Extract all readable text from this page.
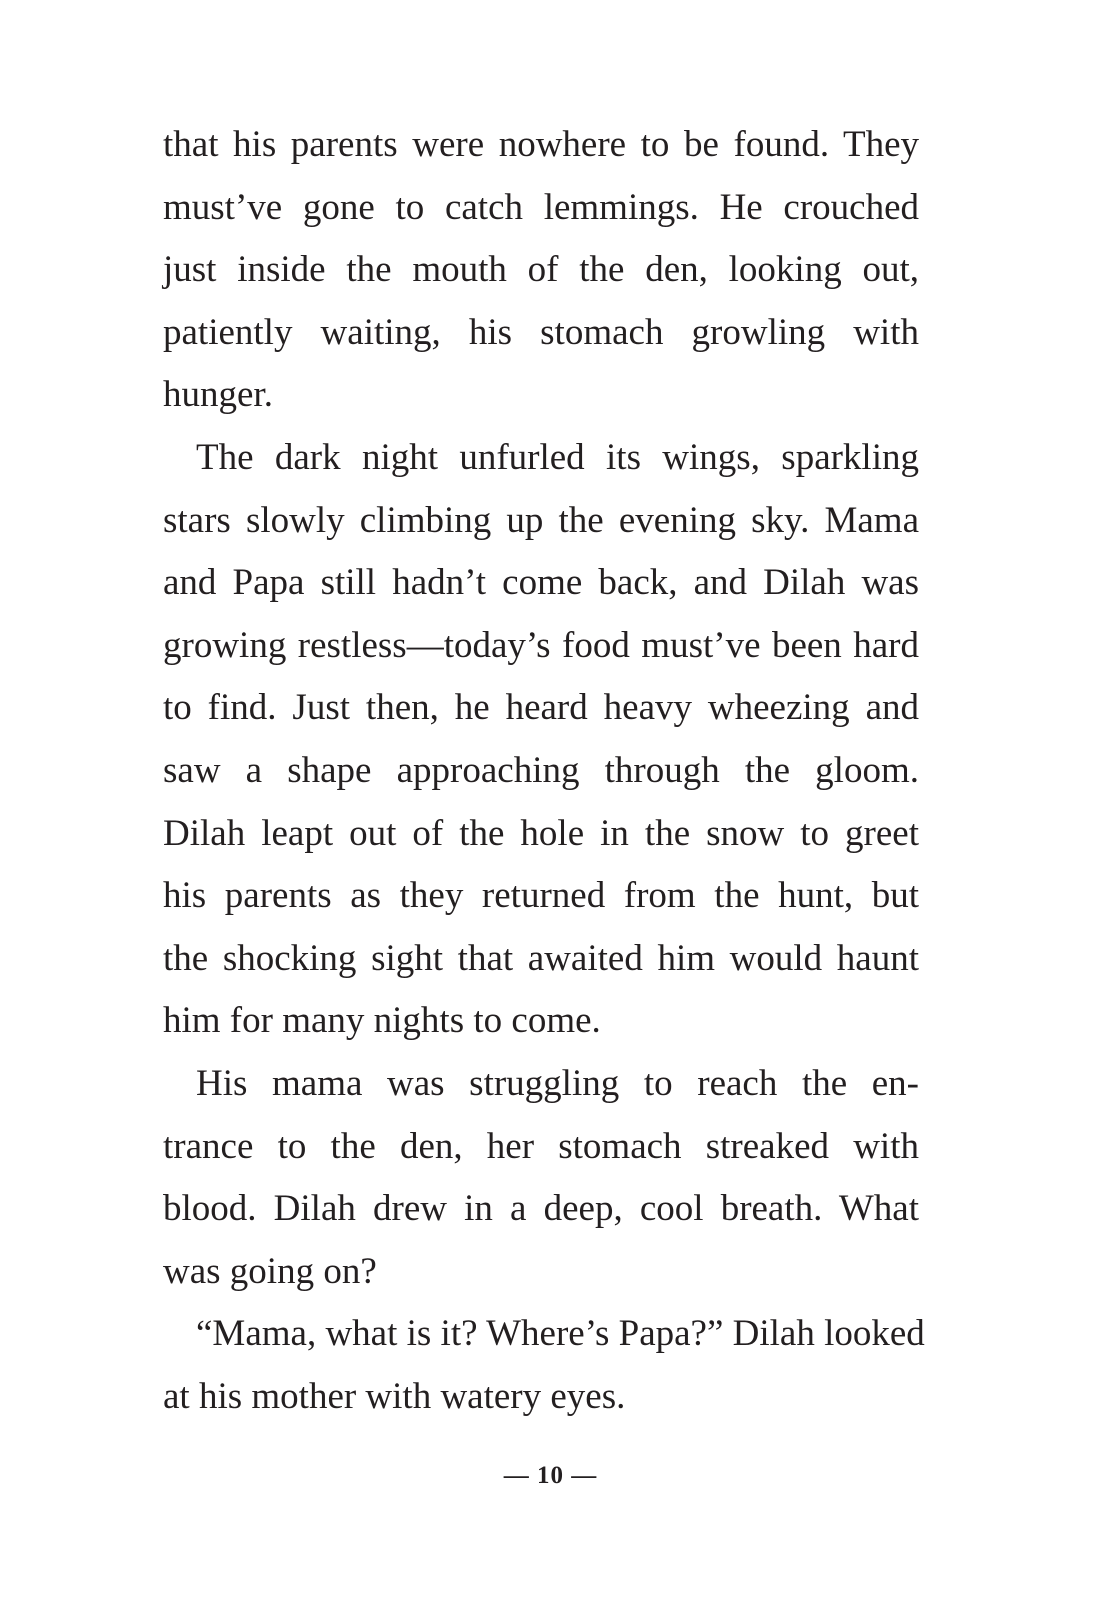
that his parents were nowhere to be found. They
must’ve gone to catch lemmings. He crouched
just inside the mouth of the den, looking out,
patiently waiting, his stomach growling with
hunger.
The dark night unfurled its wings, sparkling
stars slowly climbing up the evening sky. Mama
and Papa still hadn’t come back, and Dilah was
growing restless—today’s food must’ve been hard
to find. Just then, he heard heavy wheezing and
saw a shape approaching through the gloom.
Dilah leapt out of the hole in the snow to greet
his parents as they returned from the hunt, but
the shocking sight that awaited him would haunt
him for many nights to come.
His mama was struggling to reach the en-
trance to the den, her stomach streaked with
blood. Dilah drew in a deep, cool breath. What
was going on?
“Mama, what is it? Where’s Papa?” Dilah looked
at his mother with watery eyes.
— 10 —
